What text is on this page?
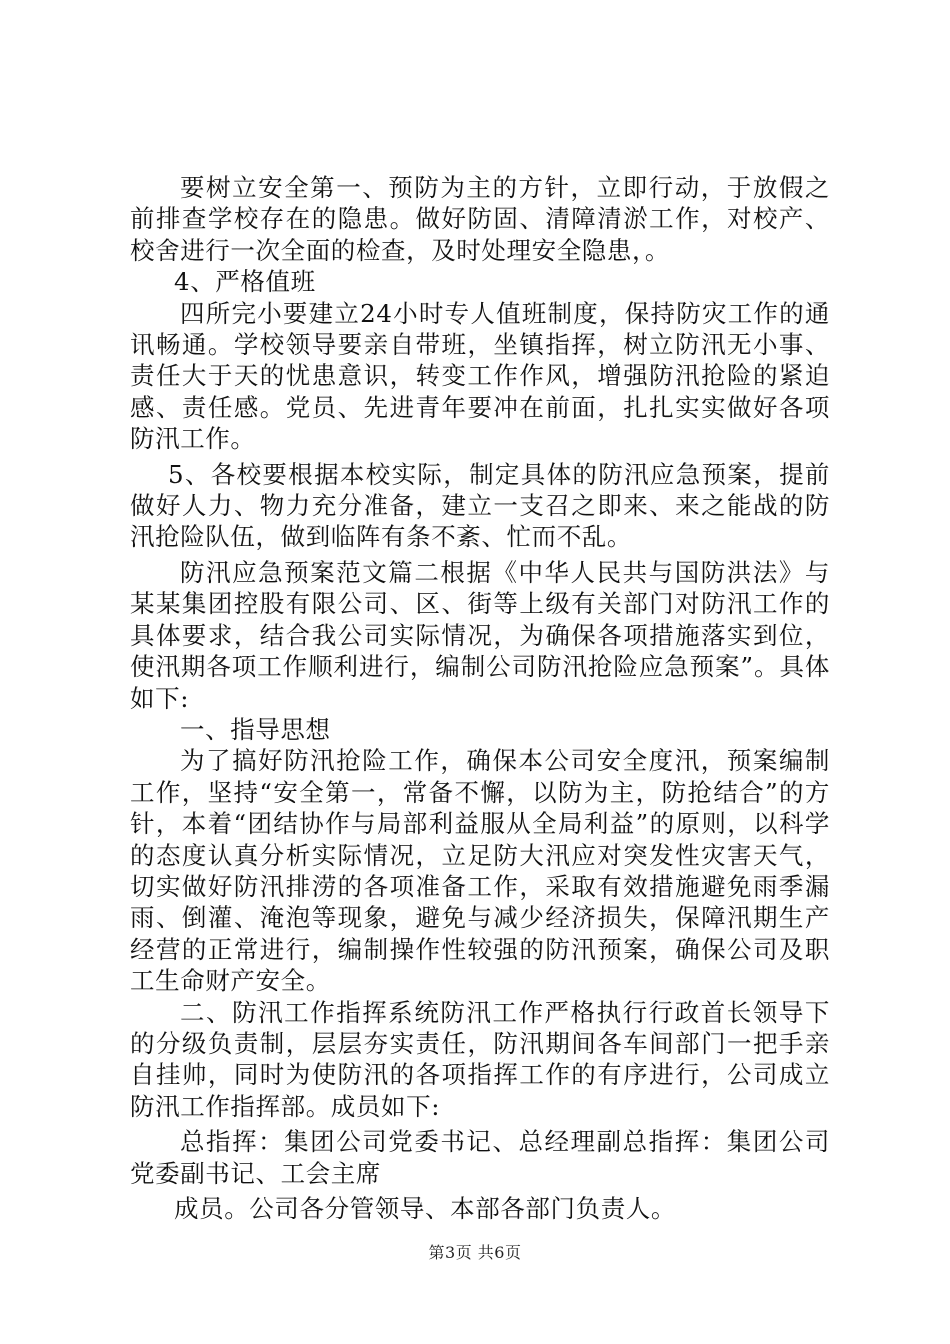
要树立安全第一、预防为主的方针，立即行动，于放假之前排查学校存在的隐患。做好防固、清障清淤工作，对校产、校舍进行一次全面的检查，及时处理安全隐患，。

4、严格值班

四所完小要建立24小时专人值班制度，保持防灾工作的通讯畅通。学校领导要亲自带班，坐镇指挥，树立防汛无小事、责任大于天的忧患意识，转变工作作风，增强防汛抢险的紧迫感、责任感。党员、先进青年要冲在前面，扎扎实实做好各项防汛工作。

5、各校要根据本校实际，制定具体的防汛应急预案，提前做好人力、物力充分准备，建立一支召之即来、来之能战的防汛抢险队伍，做到临阵有条不紊、忙而不乱。

防汛应急预案范文篇二根据《中华人民共与国防洪法》与某某集团控股有限公司、区、街等上级有关部门对防汛工作的具体要求，结合我公司实际情况，为确保各项措施落实到位，使汛期各项工作顺利进行，编制公司防汛抢险应急预案”。具体如下:

一、指导思想

为了搞好防汛抢险工作，确保本公司安全度汛，预案编制工作，坚持“安全第一，常备不懈，以防为主，防抢结合”的方针，本着“团结协作与局部利益服从全局利益”的原则，以科学的态度认真分析实际情况，立足防大汛应对突发性灾害天气，切实做好防汛排涝的各项准备工作，采取有效措施避免雨季漏雨、倒灌、淹泡等现象，避免与减少经济损失，保障汛期生产经营的正常进行，编制操作性较强的防汛预案，确保公司及职工生命财产安全。

二、防汛工作指挥系统防汛工作严格执行行政首长领导下的分级负责制，层层夯实责任，防汛期间各车间部门一把手亲自挂帅，同时为使防汛的各项指挥工作的有序进行，公司成立防汛工作指挥部。成员如下:

总指挥：集团公司党委书记、总经理副总指挥：集团公司党委副书记、工会主席

成员。公司各分管领导、本部各部门负责人。

第3页 共6页
